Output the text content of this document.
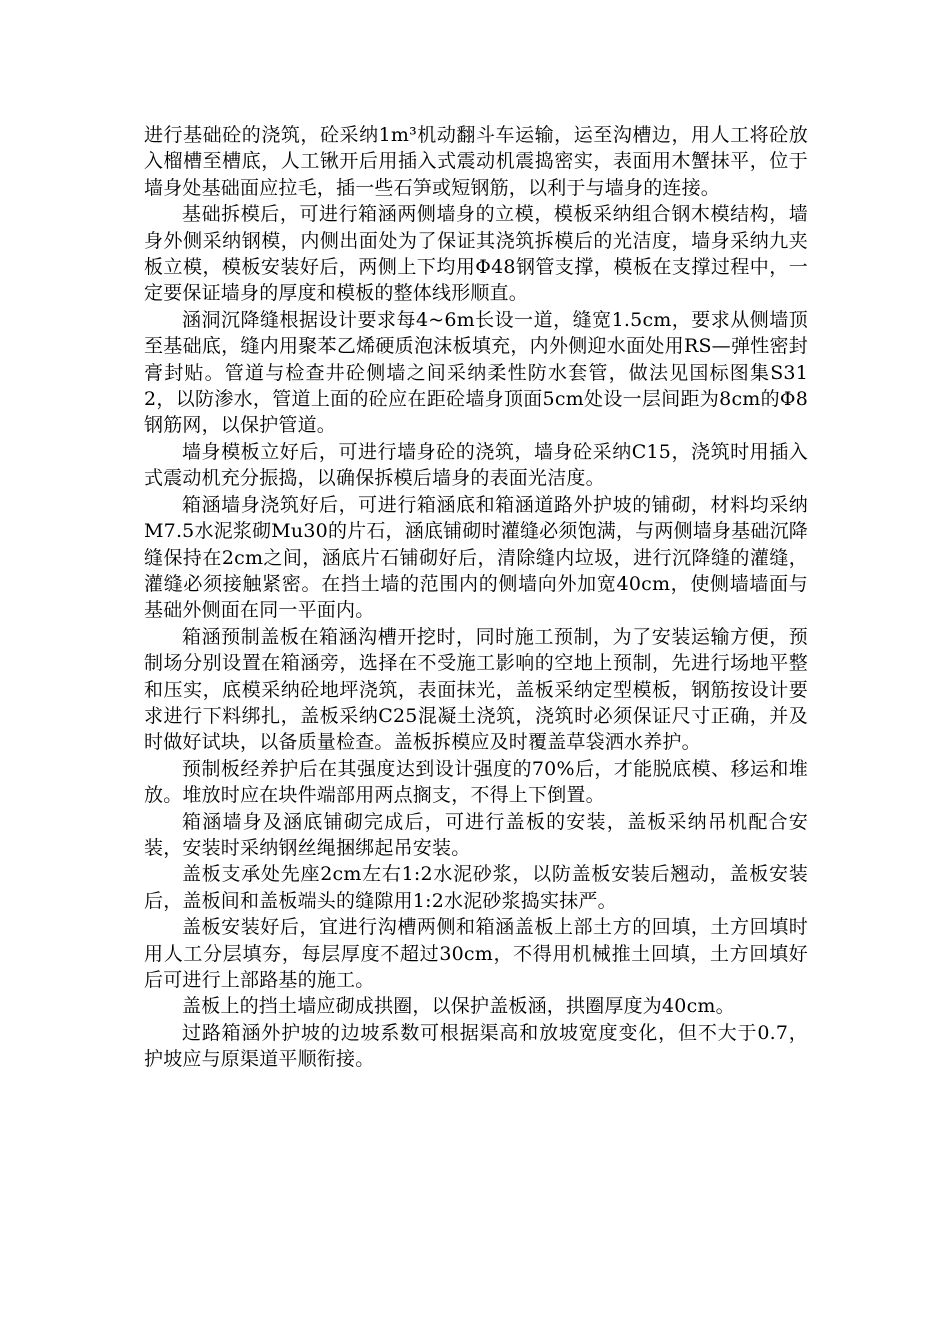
进行基础砼的浇筑，砼采纳1m³机动翻斗车运输，运至沟槽边，用人工将砼放入榴槽至槽底，人工锹开后用插入式震动机震捣密实，表面用木蟹抹平，位于墙身处基础面应拉毛，插一些石笋或短钢筋，以利于与墙身的连接。

基础拆模后，可进行箱涵两侧墙身的立模，模板采纳组合钢木模结构，墙身外侧采纳钢模，内侧出面处为了保证其浇筑拆模后的光洁度，墙身采纳九夹板立模，模板安装好后，两侧上下均用Φ48钢管支撑，模板在支撑过程中，一定要保证墙身的厚度和模板的整体线形顺直。

涵洞沉降缝根据设计要求每4~6m长设一道，缝宽1.5cm，要求从侧墙顶至基础底，缝内用聚苯乙烯硬质泡沫板填充，内外侧迎水面处用RS—弹性密封膏封贴。管道与检查井砼侧墙之间采纳柔性防水套管，做法见国标图集S312，以防渗水，管道上面的砼应在距砼墙身顶面5cm处设一层间距为8cm的Φ8钢筋网，以保护管道。

墙身模板立好后，可进行墙身砼的浇筑，墙身砼采纳C15，浇筑时用插入式震动机充分振捣，以确保拆模后墙身的表面光洁度。

箱涵墙身浇筑好后，可进行箱涵底和箱涵道路外护坡的铺砌，材料均采纳M7.5水泥浆砌Mu30的片石，涵底铺砌时灌缝必须饱满，与两侧墙身基础沉降缝保持在2cm之间，涵底片石铺砌好后，清除缝内垃圾，进行沉降缝的灌缝，灌缝必须接触紧密。在挡土墙的范围内的侧墙向外加宽40cm，使侧墙墙面与基础外侧面在同一平面内。

箱涵预制盖板在箱涵沟槽开挖时，同时施工预制，为了安装运输方便，预制场分别设置在箱涵旁，选择在不受施工影响的空地上预制，先进行场地平整和压实，底模采纳砼地坪浇筑，表面抹光，盖板采纳定型模板，钢筋按设计要求进行下料绑扎，盖板采纳C25混凝土浇筑，浇筑时必须保证尺寸正确，并及时做好试块，以备质量检查。盖板拆模应及时覆盖草袋洒水养护。

预制板经养护后在其强度达到设计强度的70%后，才能脱底模、移运和堆放。堆放时应在块件端部用两点搁支，不得上下倒置。

箱涵墙身及涵底铺砌完成后，可进行盖板的安装，盖板采纳吊机配合安装，安装时采纳钢丝绳捆绑起吊安装。

盖板支承处先座2cm左右1:2水泥砂浆，以防盖板安装后翘动，盖板安装后，盖板间和盖板端头的缝隙用1:2水泥砂浆捣实抹严。

盖板安装好后，宜进行沟槽两侧和箱涵盖板上部土方的回填，土方回填时用人工分层填夯，每层厚度不超过30cm，不得用机械推土回填，土方回填好后可进行上部路基的施工。

盖板上的挡土墙应砌成拱圈，以保护盖板涵，拱圈厚度为40cm。

过路箱涵外护坡的边坡系数可根据渠高和放坡宽度变化，但不大于0.7，护坡应与原渠道平顺衔接。
